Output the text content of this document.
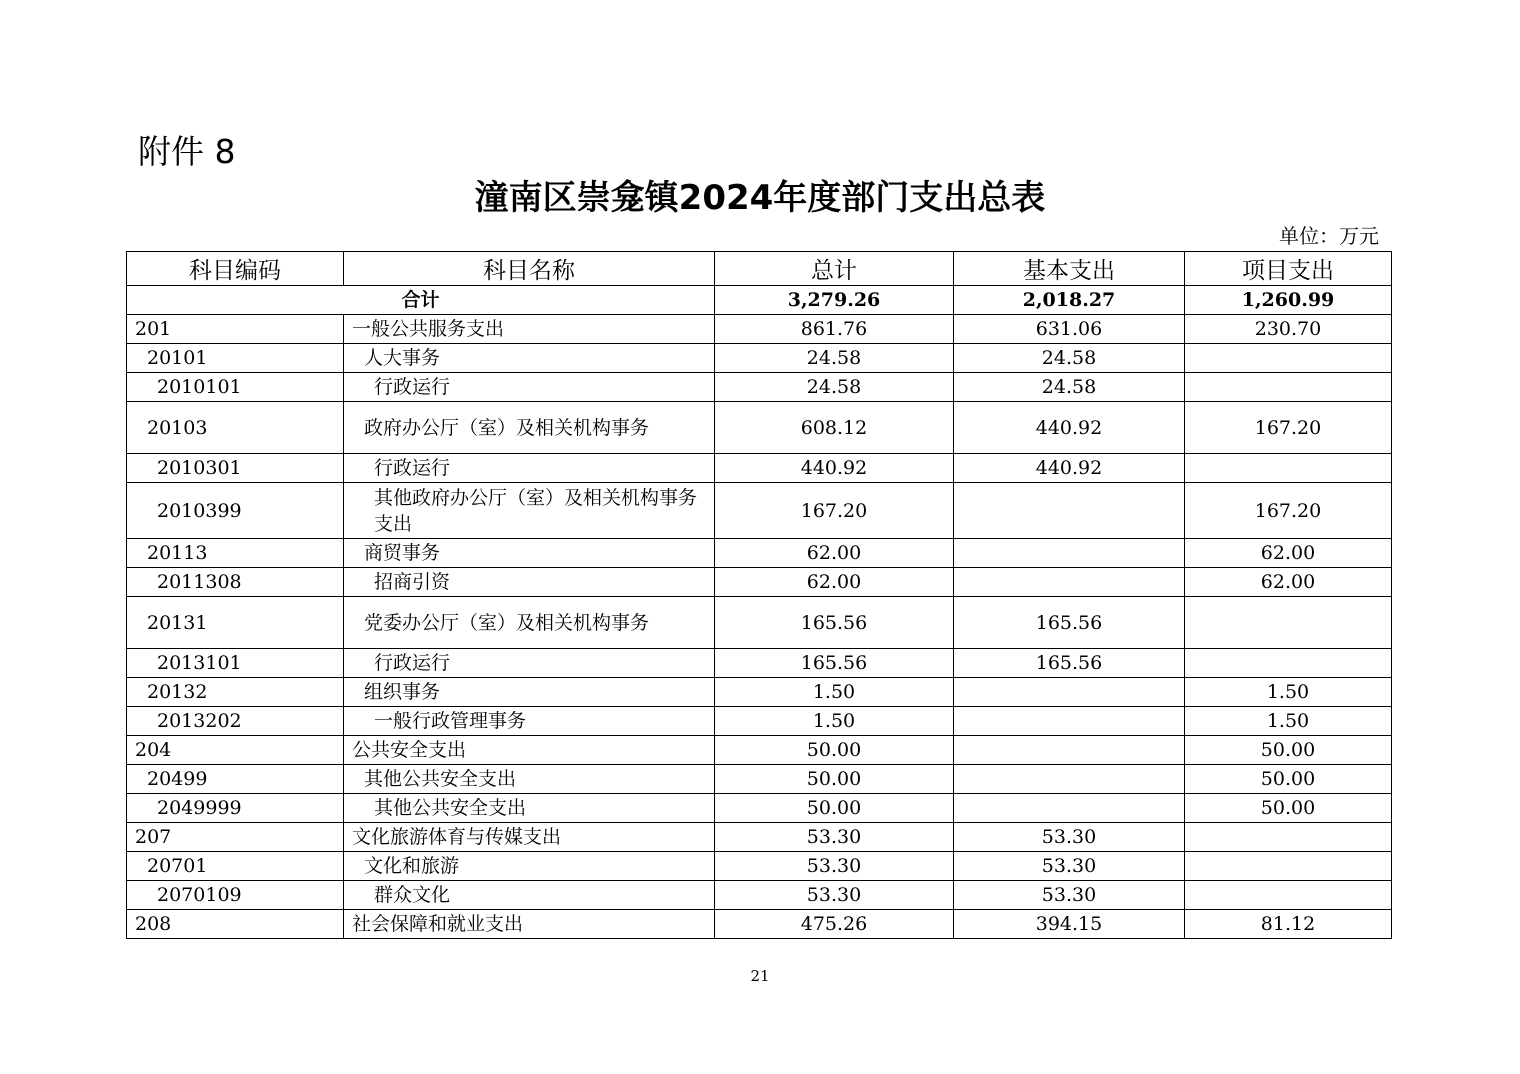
附件 8
潼南区崇龛镇2024年度部门支出总表
单位：万元
科目编码	科目名称	总计	基本支出	项目支出
合计		3,279.26	2,018.27	1,260.99
201	一般公共服务支出	861.76	631.06	230.70
20101	人大事务	24.58	24.58	
2010101	行政运行	24.58	24.58	
20103	政府办公厅（室）及相关机构事务	608.12	440.92	167.20
2010301	行政运行	440.92	440.92	
2010399	其他政府办公厅（室）及相关机构事务支出	167.20		167.20
20113	商贸事务	62.00		62.00
2011308	招商引资	62.00		62.00
20131	党委办公厅（室）及相关机构事务	165.56	165.56	
2013101	行政运行	165.56	165.56	
20132	组织事务	1.50		1.50
2013202	一般行政管理事务	1.50		1.50
204	公共安全支出	50.00		50.00
20499	其他公共安全支出	50.00		50.00
2049999	其他公共安全支出	50.00		50.00
207	文化旅游体育与传媒支出	53.30	53.30	
20701	文化和旅游	53.30	53.30	
2070109	群众文化	53.30	53.30	
208	社会保障和就业支出	475.26	394.15	81.12
21
